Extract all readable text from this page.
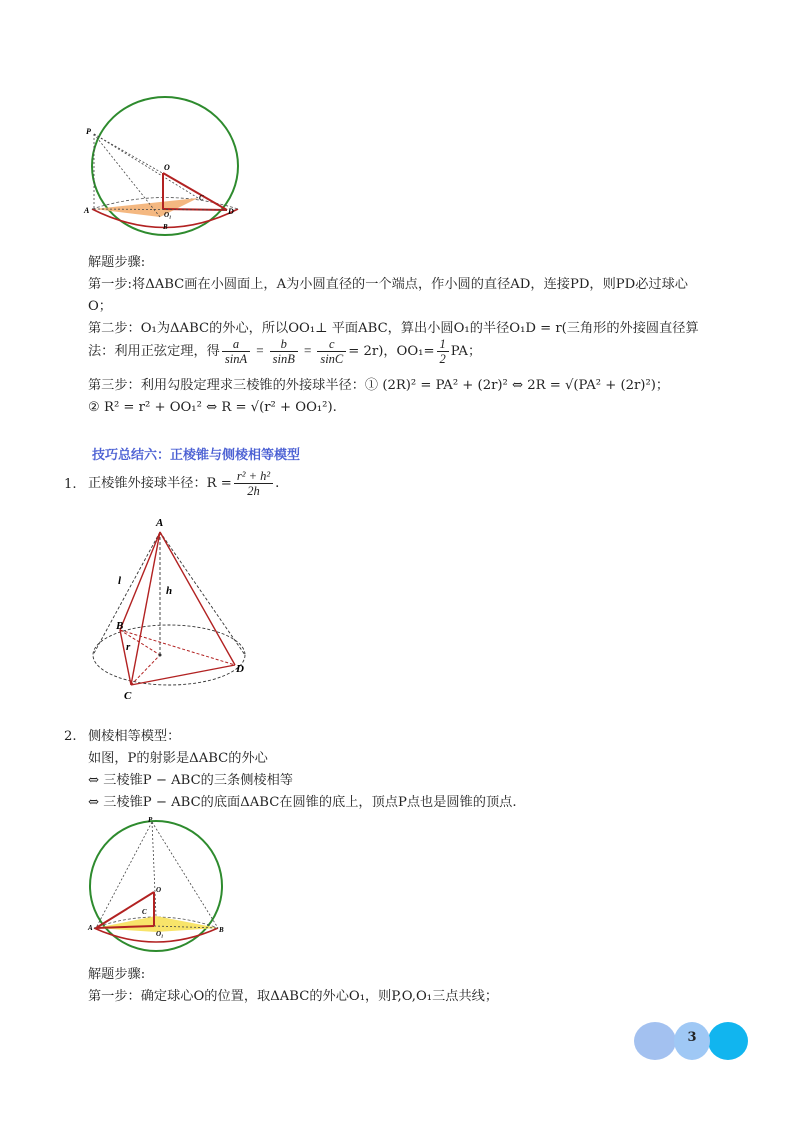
P
O
A	D
O₁
B
C
解题步骤:
第一步:将ΔABC画在小圆面上，A为小圆直径的一个端点，作小圆的直径AD，连接PD，则PD必过球心
O；
第二步：O₁为ΔABC的外心，所以OO₁⊥ 平面ABC，算出小圆O₁的半径O₁D = r(三角形的外接圆直径算
法：利用正弦定理，得 $\frac{a}{\sin A} = \frac{b}{\sin B} = \frac{c}{\sin C} = 2r$)，$OO_1= \frac{1}{2}$ PA；
第三步：利用勾股定理求三棱锥的外接球半径：① (2R)² = PA² + (2r)² ⇔ 2R = √(PA² + (2r)²)；
② R² = r² + OO₁² ⇔ R = √(r² + OO₁²).
技巧总结六：正棱锥与侧棱相等模型
1. 正棱锥外接球半径：$R = \frac{\text{r² + h²}}{2h}$ .
A
B
C
D
l
h
r
2. 侧棱相等模型：
如图，P的射影是ΔABC的外心
⇔ 三棱锥P − ABC的三条侧棱相等
⇔ 三棱锥P − ABC的底面ΔABC在圆锥的底上，顶点P点也是圆锥的顶点.
P
O
A	B
C
O₁
解题步骤:
第一步：确定球心O的位置，取ΔABC的外心O₁，则P,O,O₁三点共线；
3
